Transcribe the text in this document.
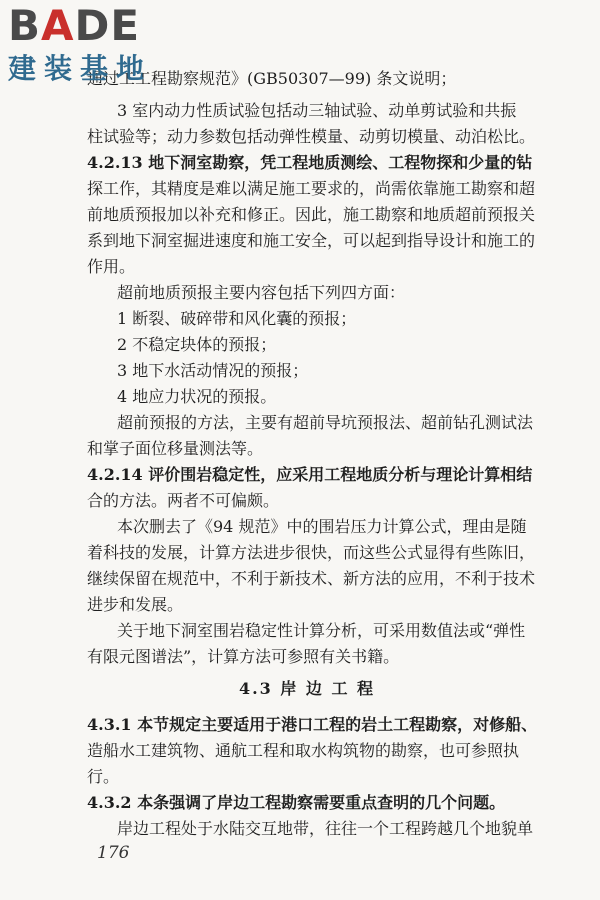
BADE
建装基地
通过工工程勘察规范》(GB50307—99) 条文说明；
3 室内动力性质试验包括动三轴试验、动单剪试验和共振
柱试验等；动力参数包括动弹性模量、动剪切模量、动泊松比。
4.2.13 地下洞室勘察，凭工程地质测绘、工程物探和少量的钻
探工作，其精度是难以满足施工要求的，尚需依靠施工勘察和超
前地质预报加以补充和修正。因此，施工勘察和地质超前预报关
系到地下洞室掘进速度和施工安全，可以起到指导设计和施工的
作用。
超前地质预报主要内容包括下列四方面：
1 断裂、破碎带和风化囊的预报；
2 不稳定块体的预报；
3 地下水活动情况的预报；
4 地应力状况的预报。
超前预报的方法，主要有超前导坑预报法、超前钻孔测试法
和掌子面位移量测法等。
4.2.14 评价围岩稳定性，应采用工程地质分析与理论计算相结
合的方法。两者不可偏颇。
本次删去了《94 规范》中的围岩压力计算公式，理由是随
着科技的发展，计算方法进步很快，而这些公式显得有些陈旧，
继续保留在规范中，不利于新技术、新方法的应用，不利于技术
进步和发展。
关于地下洞室围岩稳定性计算分析，可采用数值法或“弹性
有限元图谱法”，计算方法可参照有关书籍。
4.3 岸 边 工 程
4.3.1 本节规定主要适用于港口工程的岩土工程勘察，对修船、
造船水工建筑物、通航工程和取水构筑物的勘察，也可参照执
行。
4.3.2 本条强调了岸边工程勘察需要重点查明的几个问题。
岸边工程处于水陆交互地带，往往一个工程跨越几个地貌单
176
